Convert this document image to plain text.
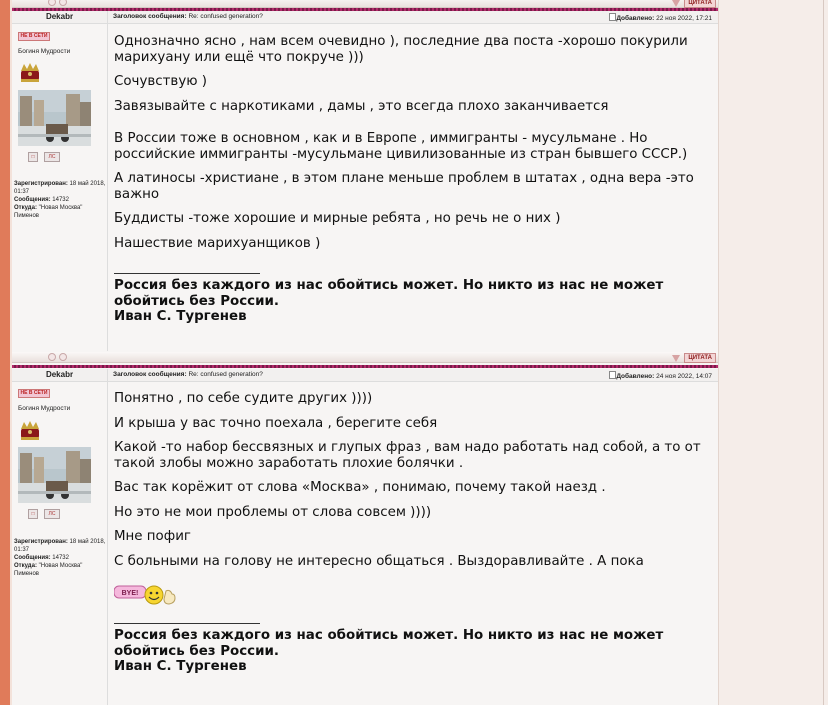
ЦИТАТА
Dekabr	Заголовок сообщения: Re: confused generation?	Добавлено: 22 ноя 2022, 17:21
НЕ В СЕТИ
Богиня Мудрости
□	ЛС
Зарегистрирован: 18 май 2018, 01:37
Сообщения: 14732
Откуда: "Новая Москва" Пименов

Однозначно ясно , нам всем очевидно ), последние два поста -хорошо покурили марихуану или ещё что покруче )))

Сочувствую )

Завязывайте с наркотиками , дамы , это всегда плохо заканчивается

В России тоже в основном , как и в Европе , иммигранты - мусульмане . Но российские иммигранты -мусульмане цивилизованные из стран бывшего СССР.)

А латиносы -христиане , в этом плане меньше проблем в штатах , одна вера -это важно

Буддисты -тоже хорошие и мирные ребята , но речь не о них )

Нашествие марихуанщиков )

Россия без каждого из нас обойтись может. Но никто из нас не может обойтись без России.
Иван С. Тургенев
ЦИТАТА
Dekabr	Заголовок сообщения: Re: confused generation?	Добавлено: 24 ноя 2022, 14:07
НЕ В СЕТИ
Богиня Мудрости
□	ЛС
Зарегистрирован: 18 май 2018, 01:37
Сообщения: 14732
Откуда: "Новая Москва" Пименов

Понятно , по себе судите других ))))

И крыша у вас точно поехала , берегите себя

Какой -то набор бессвязных и глупых фраз , вам надо работать над собой, а то от такой злобы можно заработать плохие болячки .

Вас так корёжит от слова «Москва» , понимаю, почему такой наезд .

Но это не мои проблемы от слова совсем ))))

Мне пофиг

С больными на голову не интересно общаться . Выздоравливайте . А пока

BYE!
Россия без каждого из нас обойтись может. Но никто из нас не может обойтись без России.
Иван С. Тургенев
